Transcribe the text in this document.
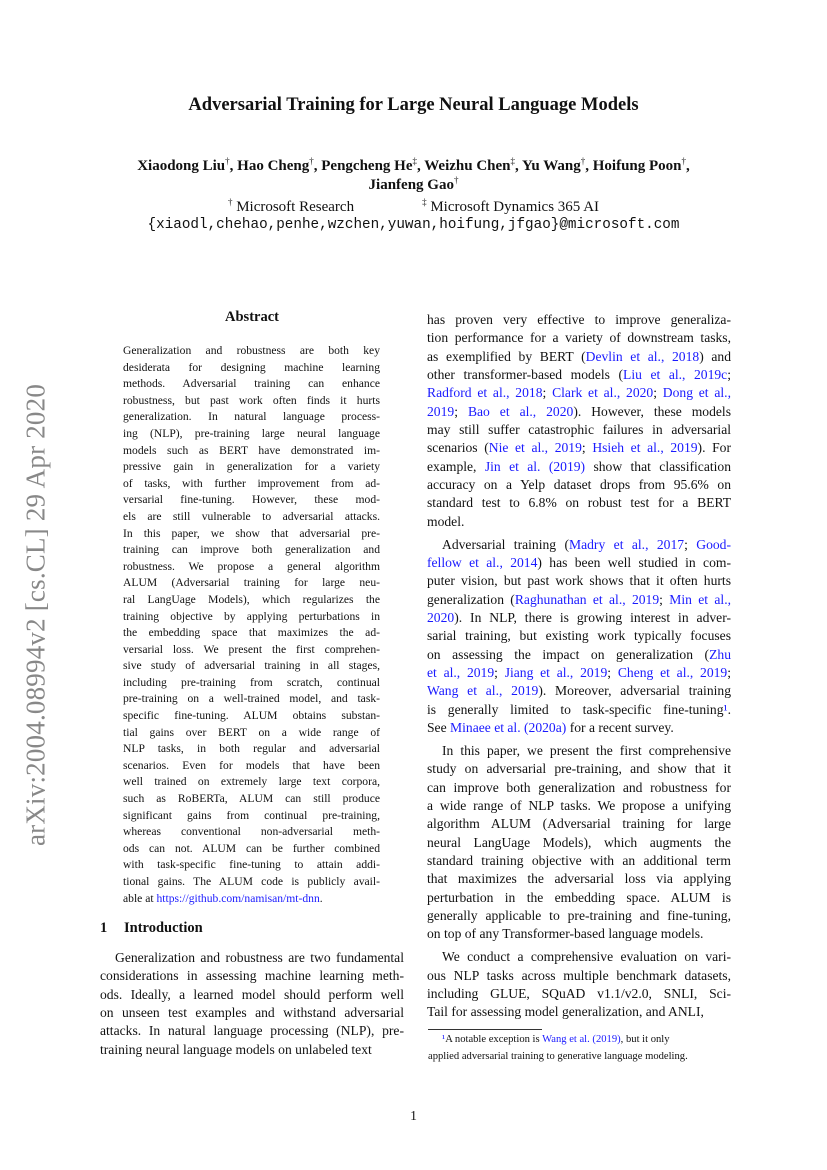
arXiv:2004.08994v2 [cs.CL] 29 Apr 2020
Adversarial Training for Large Neural Language Models
Xiaodong Liu†, Hao Cheng†, Pengcheng He‡, Weizhu Chen‡, Yu Wang†, Hoifung Poon†,
Jianfeng Gao†
† Microsoft Research	‡ Microsoft Dynamics 365 AI
{xiaodl,chehao,penhe,wzchen,yuwan,hoifung,jfgao}@microsoft.com
Abstract
Generalization and robustness are both key
desiderata for designing machine learning
methods. Adversarial training can enhance
robustness, but past work often finds it hurts
generalization. In natural language process-
ing (NLP), pre-training large neural language
models such as BERT have demonstrated im-
pressive gain in generalization for a variety
of tasks, with further improvement from ad-
versarial fine-tuning. However, these mod-
els are still vulnerable to adversarial attacks.
In this paper, we show that adversarial pre-
training can improve both generalization and
robustness. We propose a general algorithm
ALUM (Adversarial training for large neu-
ral LangUage Models), which regularizes the
training objective by applying perturbations in
the embedding space that maximizes the ad-
versarial loss. We present the first comprehen-
sive study of adversarial training in all stages,
including pre-training from scratch, continual
pre-training on a well-trained model, and task-
specific fine-tuning. ALUM obtains substan-
tial gains over BERT on a wide range of
NLP tasks, in both regular and adversarial
scenarios. Even for models that have been
well trained on extremely large text corpora,
such as RoBERTa, ALUM can still produce
significant gains from continual pre-training,
whereas conventional non-adversarial meth-
ods can not. ALUM can be further combined
with task-specific fine-tuning to attain addi-
tional gains. The ALUM code is publicly avail-
able at https://github.com/namisan/mt-dnn.
1 Introduction
Generalization and robustness are two fundamental
considerations in assessing machine learning meth-
ods. Ideally, a learned model should perform well
on unseen test examples and withstand adversarial
attacks. In natural language processing (NLP), pre-
training neural language models on unlabeled text
has proven very effective to improve generaliza-
tion performance for a variety of downstream tasks,
as exemplified by BERT (Devlin et al., 2018) and
other transformer-based models (Liu et al., 2019c;
Radford et al., 2018; Clark et al., 2020; Dong et al.,
2019; Bao et al., 2020). However, these models
may still suffer catastrophic failures in adversarial
scenarios (Nie et al., 2019; Hsieh et al., 2019). For
example, Jin et al. (2019) show that classification
accuracy on a Yelp dataset drops from 95.6% on
standard test to 6.8% on robust test for a BERT
model.
Adversarial training (Madry et al., 2017; Good-
fellow et al., 2014) has been well studied in com-
puter vision, but past work shows that it often hurts
generalization (Raghunathan et al., 2019; Min et al.,
2020). In NLP, there is growing interest in adver-
sarial training, but existing work typically focuses
on assessing the impact on generalization (Zhu
et al., 2019; Jiang et al., 2019; Cheng et al., 2019;
Wang et al., 2019). Moreover, adversarial training
is generally limited to task-specific fine-tuning¹.
See Minaee et al. (2020a) for a recent survey.
In this paper, we present the first comprehensive
study on adversarial pre-training, and show that it
can improve both generalization and robustness for
a wide range of NLP tasks. We propose a unifying
algorithm ALUM (Adversarial training for large
neural LangUage Models), which augments the
standard training objective with an additional term
that maximizes the adversarial loss via applying
perturbation in the embedding space. ALUM is
generally applicable to pre-training and fine-tuning,
on top of any Transformer-based language models.
We conduct a comprehensive evaluation on vari-
ous NLP tasks across multiple benchmark datasets,
including GLUE, SQuAD v1.1/v2.0, SNLI, Sci-
Tail for assessing model generalization, and ANLI,
¹A notable exception is Wang et al. (2019), but it only
applied adversarial training to generative language modeling.
1
